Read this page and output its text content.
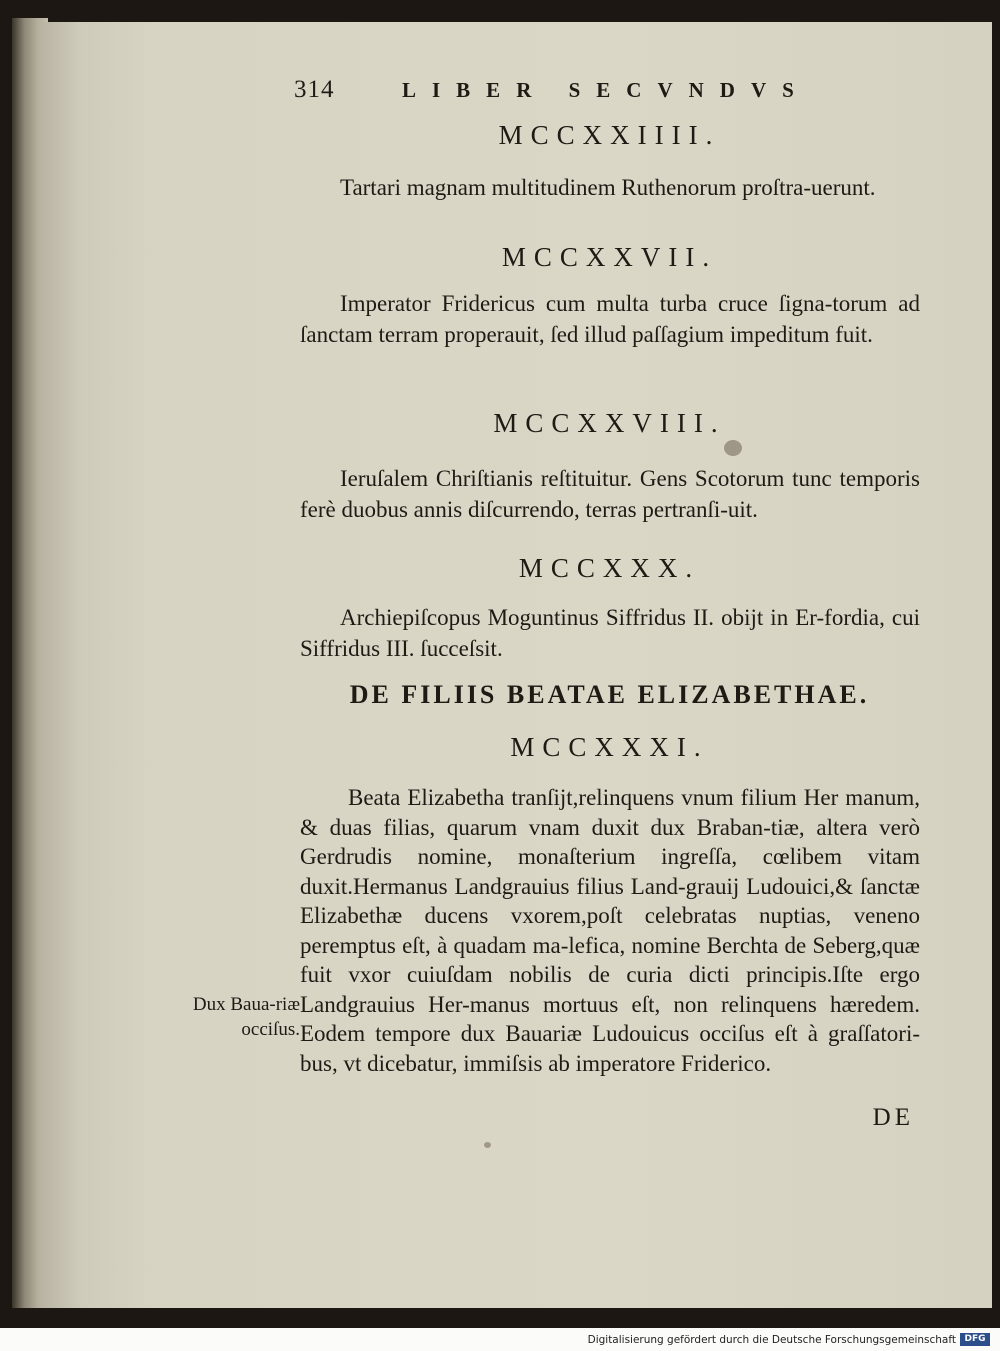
314	LIBER SECVNDVS
MCCXXIIII.

Tartari magnam multitudinem Ruthenorum proſtra-uerunt.

MCCXXVII.

Imperator Fridericus cum multa turba cruce ſigna-torum ad ſanctam terram properauit, ſed illud paſſagium impeditum fuit.

MCCXXVIII.

Ieruſalem Chriſtianis reſtituitur. Gens Scotorum tunc temporis ferè duobus annis diſcurrendo, terras pertranſi-uit.

MCCXXX.

Archiepiſcopus Moguntinus Siffridus II. obijt in Er-fordia, cui Siffridus III. ſucceſsit.

DE FILIIS BEATAE ELIZABETHAE.
MCCXXXI.

Beata Elizabetha tranſijt,relinquens vnum filium Her manum, & duas filias, quarum vnam duxit dux Braban-tiæ, altera verò Gerdrudis nomine, monaſterium ingreſſa, cœlibem vitam duxit.Hermanus Landgrauius filius Land-grauij Ludouici,& ſanctæ Elizabethæ ducens vxorem,poſt celebratas nuptias, veneno peremptus eſt, à quadam ma-lefica, nomine Berchta de Seberg,quæ fuit vxor cuiuſdam nobilis de curia dicti principis.Iſte ergo Landgrauius Her-manus mortuus eſt, non relinquens hæredem. Eodem tempore dux Bauariæ Ludouicus occiſus eſt à graſſatori-bus, vt dicebatur, immiſsis ab imperatore Friderico.

Dux Baua-riæ occiſus.
DE
Digitalisierung gefördert durch die Deutsche Forschungsgemeinschaft DFG
